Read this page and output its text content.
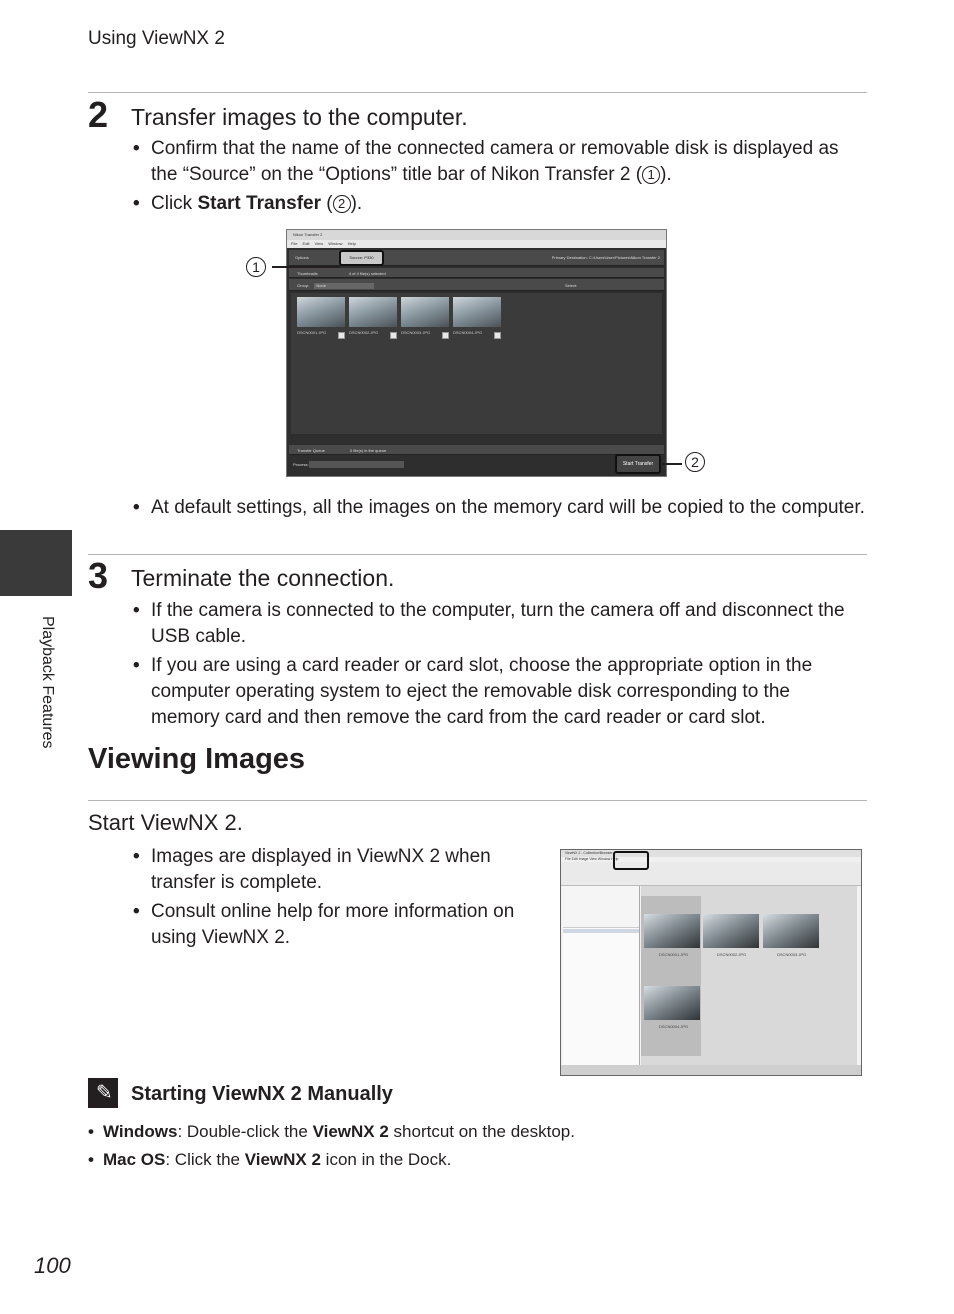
Using ViewNX 2
Playback Features
2 Transfer images to the computer.
• Confirm that the name of the connected camera or removable disk is displayed as the “Source” on the “Options” title bar of Nikon Transfer 2 ( 1 ).
• Click Start Transfer ( 2 ).
Nikon Transfer 2
File Edit View Window Help
Options	Primary Destination: C:\Users\User\Pictures\Nikon Transfer 2
Source: P330
Thumbnails	4 of 4 file(s) selected
Group: None	Select:
DSCN0001.JPG	DSCN0002.JPG	DSCN0003.JPG	DSCN0004.JPG
Transfer Queue	0 file(s) in the queue
Process:	Start Transfer
1
2
• At default settings, all the images on the memory card will be copied to the computer.
3 Terminate the connection.
• If the camera is connected to the computer, turn the camera off and disconnect the USB cable.
• If you are using a card reader or card slot, choose the appropriate option in the computer operating system to eject the removable disk corresponding to the memory card and then remove the card from the card reader or card slot.
Viewing Images
Start ViewNX 2.
• Images are displayed in ViewNX 2 when transfer is complete.
• Consult online help for more information on using ViewNX 2.
ViewNX 2 - Collection/Browser
File Edit Image View Window Help
DSCN0001.JPG	DSCN0002.JPG	DSCN0003.JPG
DSCN0004.JPG
✎ Starting ViewNX 2 Manually
• Windows: Double-click the ViewNX 2 shortcut on the desktop.
• Mac OS: Click the ViewNX 2 icon in the Dock.
100
